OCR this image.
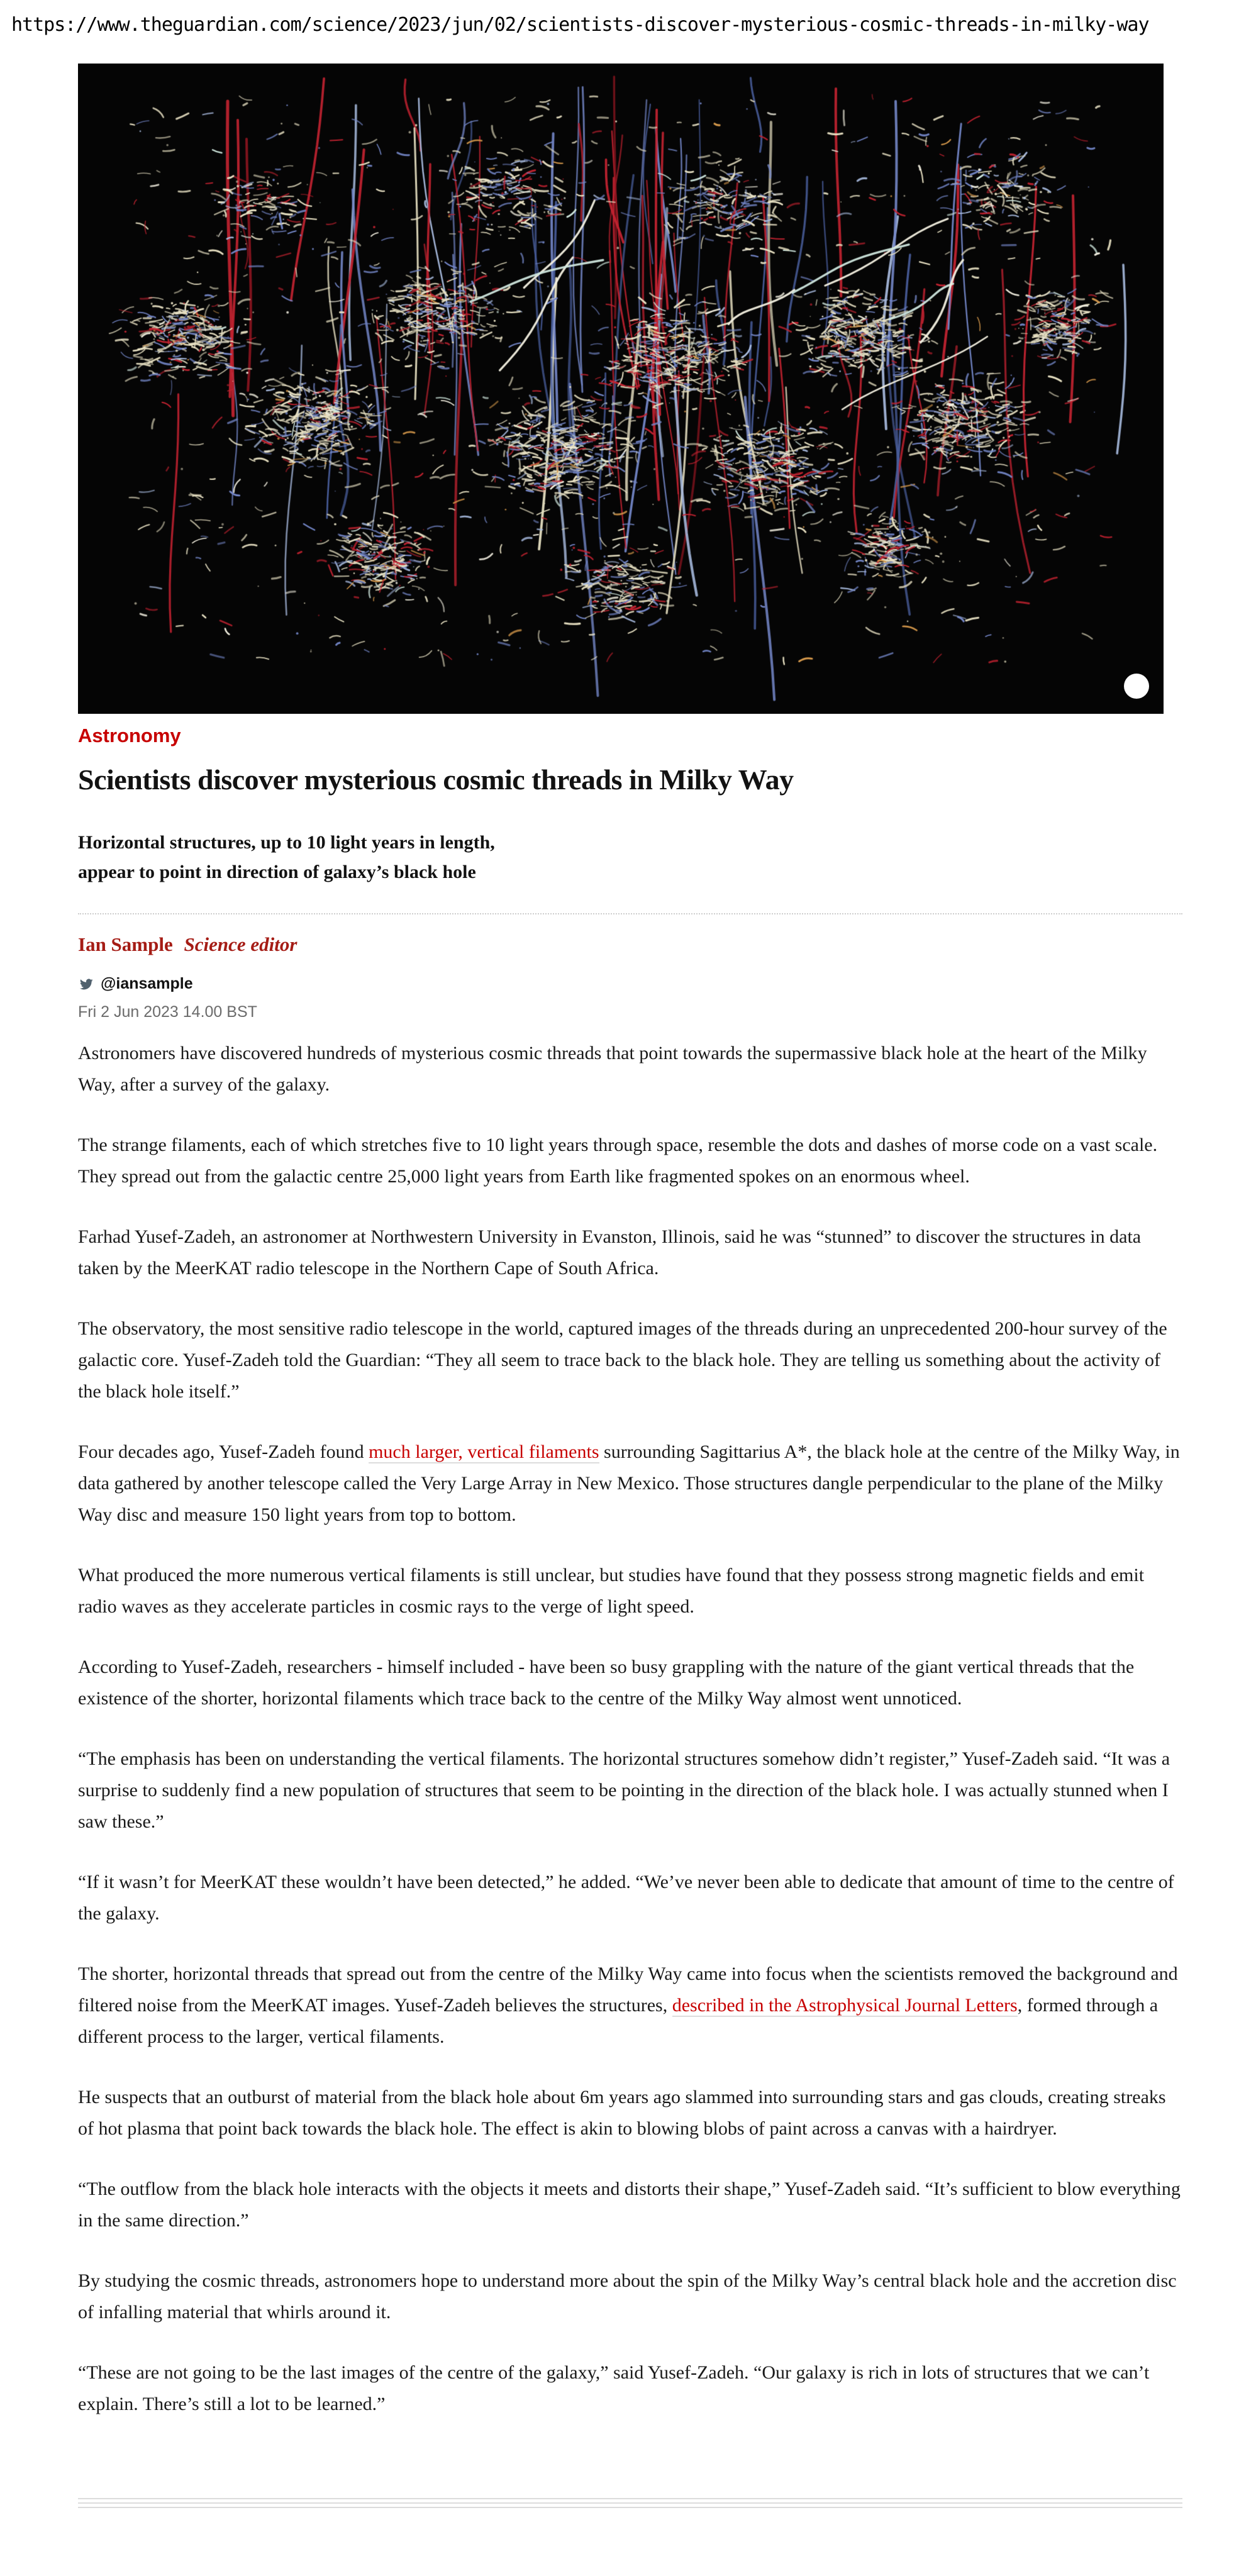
https://www.theguardian.com/science/2023/jun/02/scientists-discover-mysterious-cosmic-threads-in-milky-way
Astronomy
Scientists discover mysterious cosmic threads in Milky Way
Horizontal structures, up to 10 light years in length,
appear to point in direction of galaxy’s black hole
Ian Sample Science editor
@iansample
Fri 2 Jun 2023 14.00 BST

Astronomers have discovered hundreds of mysterious cosmic threads that point towards the supermassive black hole at the heart of the Milky Way, after a survey of the galaxy.

The strange filaments, each of which stretches five to 10 light years through space, resemble the dots and dashes of morse code on a vast scale. They spread out from the galactic centre 25,000 light years from Earth like fragmented spokes on an enormous wheel.

Farhad Yusef-Zadeh, an astronomer at Northwestern University in Evanston, Illinois, said he was “stunned” to discover the structures in data taken by the MeerKAT radio telescope in the Northern Cape of South Africa.

The observatory, the most sensitive radio telescope in the world, captured images of the threads during an unprecedented 200-hour survey of the galactic core. Yusef-Zadeh told the Guardian: “They all seem to trace back to the black hole. They are telling us something about the activity of the black hole itself.”

Four decades ago, Yusef-Zadeh found much larger, vertical filaments surrounding Sagittarius A*, the black hole at the centre of the Milky Way, in data gathered by another telescope called the Very Large Array in New Mexico. Those structures dangle perpendicular to the plane of the Milky Way disc and measure 150 light years from top to bottom.

What produced the more numerous vertical filaments is still unclear, but studies have found that they possess strong magnetic fields and emit radio waves as they accelerate particles in cosmic rays to the verge of light speed.

According to Yusef-Zadeh, researchers - himself included - have been so busy grappling with the nature of the giant vertical threads that the existence of the shorter, horizontal filaments which trace back to the centre of the Milky Way almost went unnoticed.

“The emphasis has been on understanding the vertical filaments. The horizontal structures somehow didn’t register,” Yusef-Zadeh said. “It was a surprise to suddenly find a new population of structures that seem to be pointing in the direction of the black hole. I was actually stunned when I saw these.”

“If it wasn’t for MeerKAT these wouldn’t have been detected,” he added. “We’ve never been able to dedicate that amount of time to the centre of the galaxy.

The shorter, horizontal threads that spread out from the centre of the Milky Way came into focus when the scientists removed the background and filtered noise from the MeerKAT images. Yusef-Zadeh believes the structures, described in the Astrophysical Journal Letters, formed through a different process to the larger, vertical filaments.

He suspects that an outburst of material from the black hole about 6m years ago slammed into surrounding stars and gas clouds, creating streaks of hot plasma that point back towards the black hole. The effect is akin to blowing blobs of paint across a canvas with a hairdryer.

“The outflow from the black hole interacts with the objects it meets and distorts their shape,” Yusef-Zadeh said. “It’s sufficient to blow everything in the same direction.”

By studying the cosmic threads, astronomers hope to understand more about the spin of the Milky Way’s central black hole and the accretion disc of infalling material that whirls around it.

“These are not going to be the last images of the centre of the galaxy,” said Yusef-Zadeh. “Our galaxy is rich in lots of structures that we can’t explain. There’s still a lot to be learned.”
